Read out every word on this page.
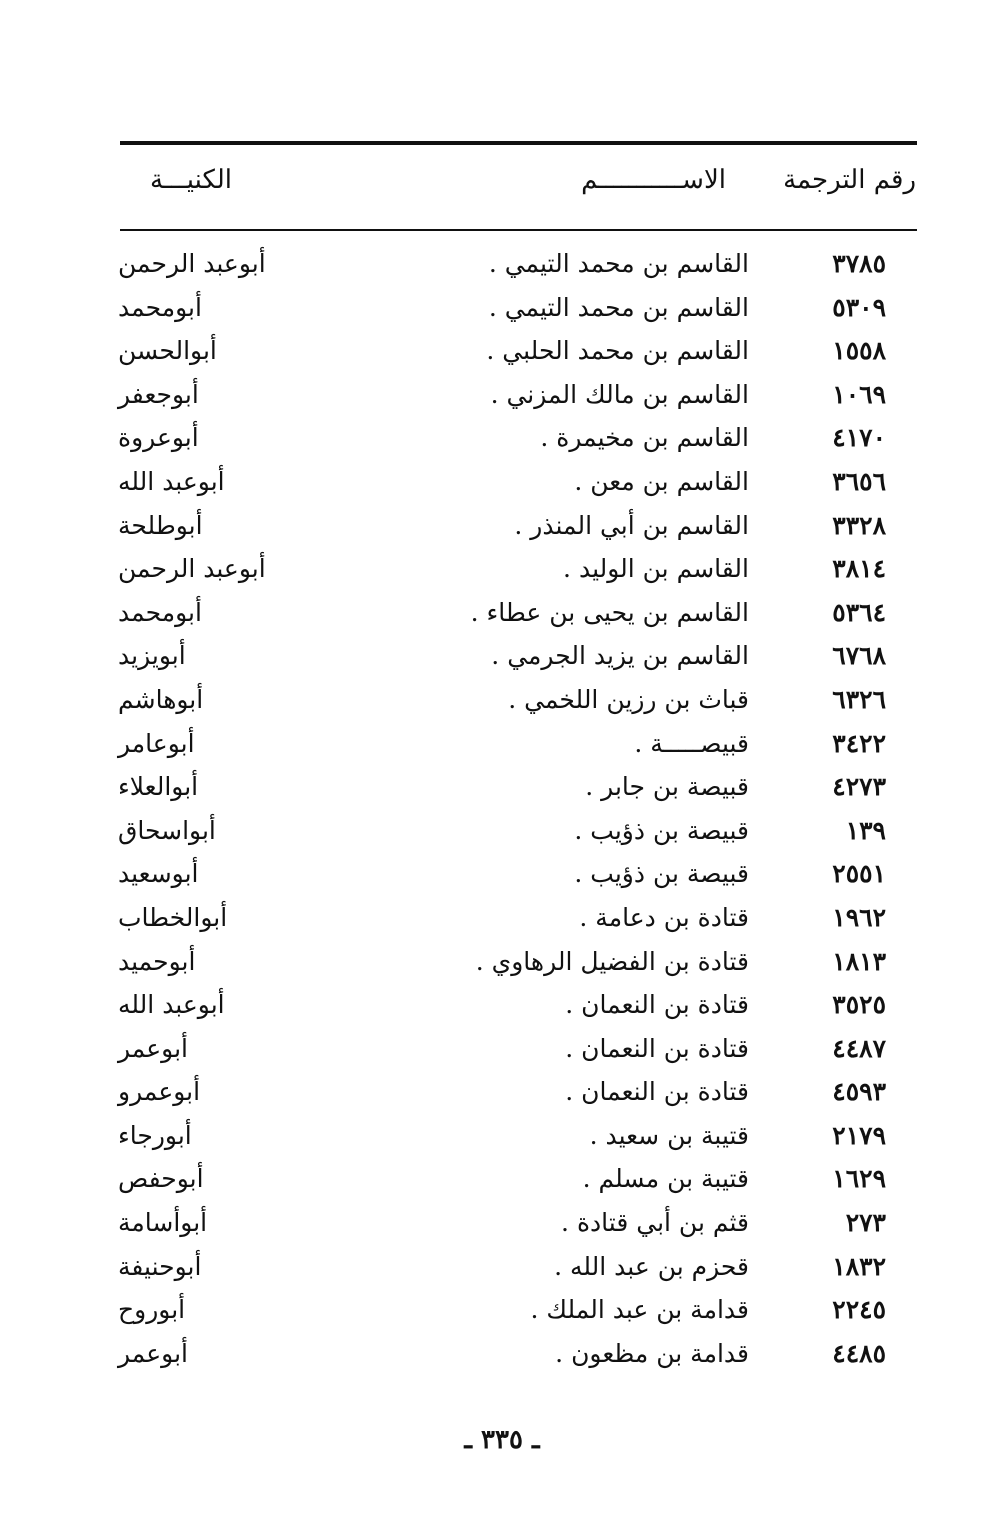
رقم الترجمة
الاســـــــــــم
الكنيـــة
٣٧٨٥
القاسم بن محمد التيمي .
أبوعبد الرحمن
٥٣٠٩
القاسم بن محمد التيمي .
أبومحمد
١٥٥٨
القاسم بن محمد الحلبي .
أبوالحسن
١٠٦٩
القاسم بن مالك المزني .
أبوجعفر
٤١٧٠
القاسم بن مخيمرة .
أبوعروة
٣٦٥٦
القاسم بن معن .
أبوعبد الله
٣٣٢٨
القاسم بن أبي المنذر .
أبوطلحة
٣٨١٤
القاسم بن الوليد .
أبوعبد الرحمن
٥٣٦٤
القاسم بن يحيى بن عطاء .
أبومحمد
٦٧٦٨
القاسم بن يزيد الجرمي .
أبويزيد
٦٣٢٦
قباث بن رزين اللخمي .
أبوهاشم
٣٤٢٢
قبيصـــــة .
أبوعامر
٤٢٧٣
قبيصة بن جابر .
أبوالعلاء
١٣٩
قبيصة بن ذؤيب .
أبواسحاق
٢٥٥١
قبيصة بن ذؤيب .
أبوسعيد
١٩٦٢
قتادة بن دعامة .
أبوالخطاب
١٨١٣
قتادة بن الفضيل الرهاوي .
أبوحميد
٣٥٢٥
قتادة بن النعمان .
أبوعبد الله
٤٤٨٧
قتادة بن النعمان .
أبوعمر
٤٥٩٣
قتادة بن النعمان .
أبوعمرو
٢١٧٩
قتيبة بن سعيد .
أبورجاء
١٦٢٩
قتيبة بن مسلم .
أبوحفص
٢٧٣
قثم بن أبي قتادة .
أبوأسامة
١٨٣٢
قحزم بن عبد الله .
أبوحنيفة
٢٢٤٥
قدامة بن عبد الملك .
أبوروح
٤٤٨٥
قدامة بن مظعون .
أبوعمر
ـ ٣٣٥ ـ
